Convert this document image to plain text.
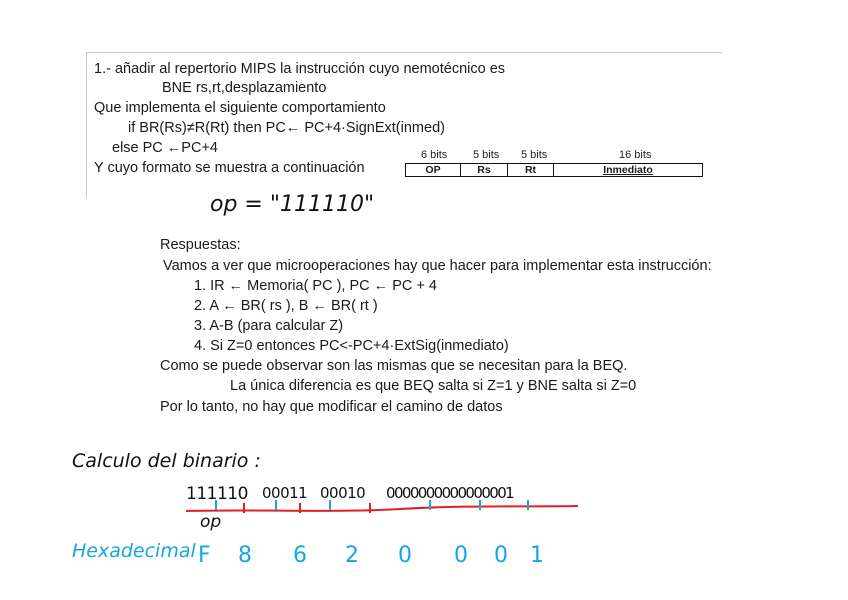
1.- añadir al repertorio MIPS la instrucción cuyo nemotécnico es
BNE rs,rt,desplazamiento
Que implementa el siguiente comportamiento
if BR(Rs)≠R(Rt) then PC← PC+4·SignExt(inmed)
else PC ←PC+4
Y cuyo formato se muestra a continuación
6 bits 5 bits 5 bits	16 bits
OP	Rs	Rt	Inmediato
op = "111110"
Respuestas:
Vamos a ver que microoperaciones hay que hacer para implementar esta instrucción:
1. IR ← Memoria( PC ), PC ← PC + 4
2. A ← BR( rs ), B ← BR( rt )
3. A-B (para calcular Z)
4. Si Z=0 entonces PC<-PC+4·ExtSig(inmediato)
Como se puede observar son las mismas que se necesitan para la BEQ.
La única diferencia es que BEQ salta si Z=1 y BNE salta si Z=0
Por lo tanto, no hay que modificar el camino de datos
Calculo del binario :
111110 00011 00010 0000000000000001
op
Hexadecimal F 8 6 2 0 0 0 1
